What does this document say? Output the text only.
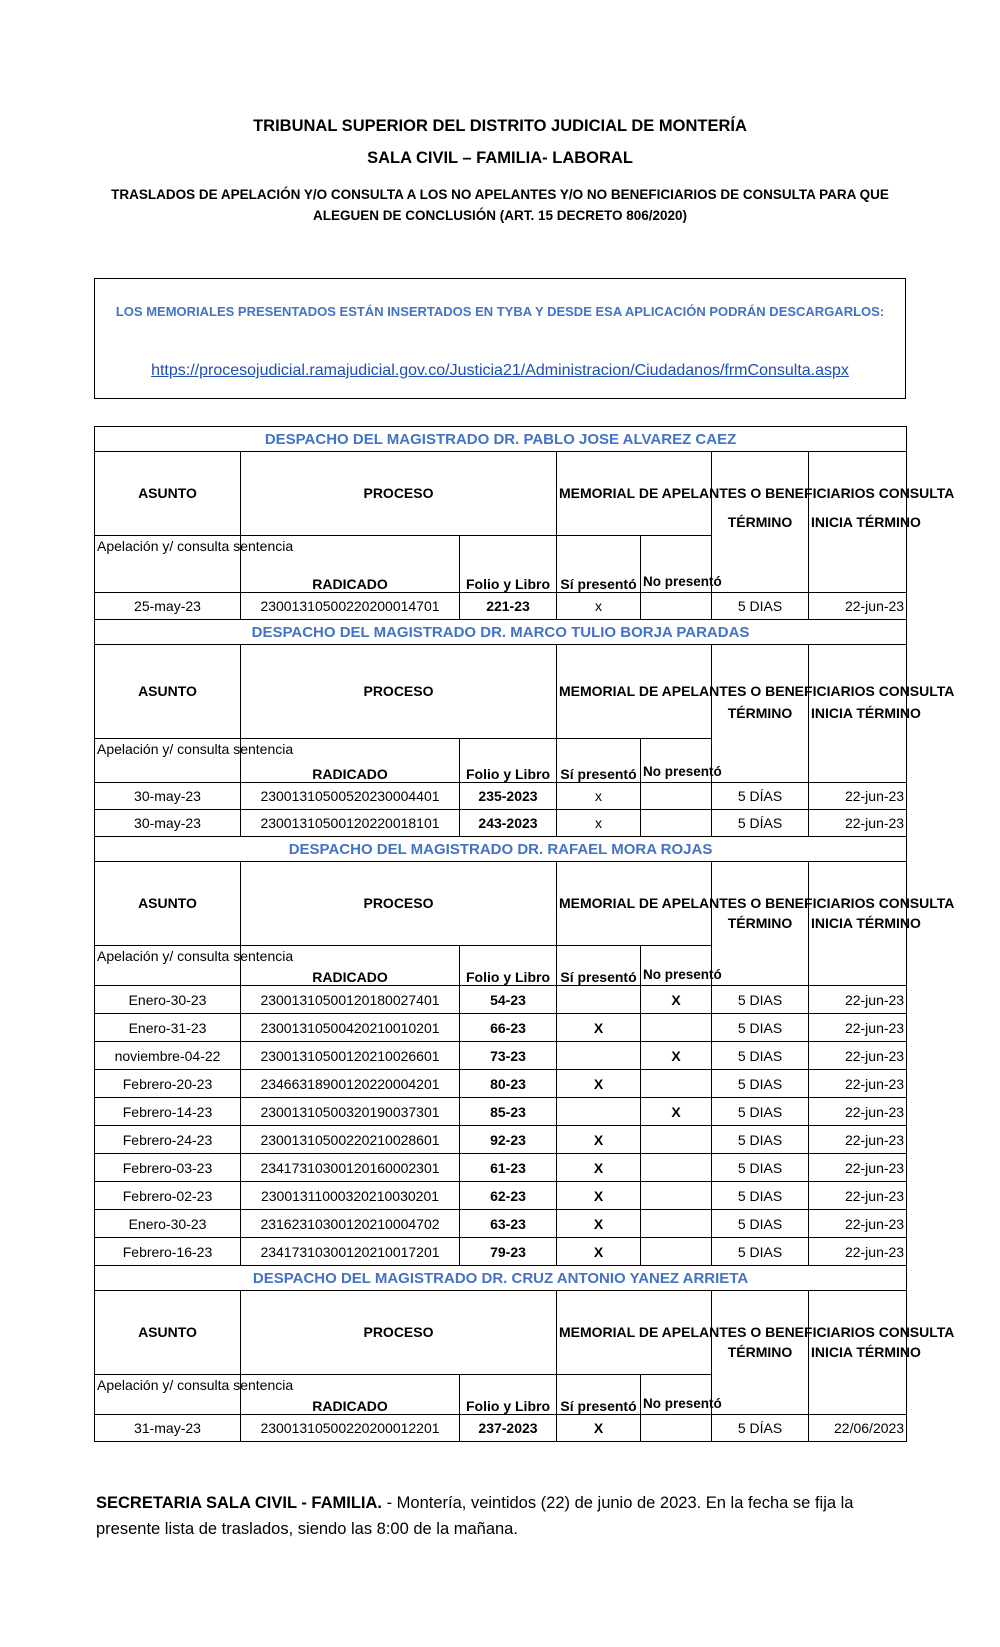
TRIBUNAL SUPERIOR DEL DISTRITO JUDICIAL DE MONTERÍA
SALA CIVIL – FAMILIA- LABORAL
TRASLADOS DE APELACIÓN Y/O CONSULTA A LOS NO APELANTES Y/O NO BENEFICIARIOS DE CONSULTA PARA QUE
ALEGUEN DE CONCLUSIÓN (ART. 15 DECRETO 806/2020)
LOS MEMORIALES PRESENTADOS ESTÁN INSERTADOS EN TYBA Y DESDE ESA APLICACIÓN PODRÁN DESCARGARLOS:
https://procesojudicial.ramajudicial.gov.co/Justicia21/Administracion/Ciudadanos/frmConsulta.aspx
DESPACHO DEL MAGISTRADO DR. PABLO JOSE ALVAREZ CAEZ						
ASUNTO	PROCESO		MEMORIAL DE APELANTES O BENEFICIARIOS CONSULTA		TÉRMINO	INICIA TÉRMINO
Apelación y/ consulta sentencia	RADICADO	Folio y Libro	Sí presentó	No presentó		
25-may-23	23001310500220200014701	221-23	x		5 DIAS	22-jun-23
DESPACHO DEL MAGISTRADO DR. MARCO TULIO BORJA PARADAS						
ASUNTO	PROCESO		MEMORIAL DE APELANTES O BENEFICIARIOS CONSULTA		TÉRMINO	INICIA TÉRMINO
Apelación y/ consulta sentencia	RADICADO	Folio y Libro	Sí presentó	No presentó		
30-may-23	23001310500520230004401	235-2023	x		5 DÍAS	22-jun-23
30-may-23	23001310500120220018101	243-2023	x		5 DÍAS	22-jun-23
DESPACHO DEL MAGISTRADO DR. RAFAEL MORA ROJAS						
ASUNTO	PROCESO		MEMORIAL DE APELANTES O BENEFICIARIOS CONSULTA		TÉRMINO	INICIA TÉRMINO
Apelación y/ consulta sentencia	RADICADO	Folio y Libro	Sí presentó	No presentó		
Enero-30-23	23001310500120180027401	54-23		X	5 DIAS	22-jun-23
Enero-31-23	23001310500420210010201	66-23	X		5 DIAS	22-jun-23
noviembre-04-22	23001310500120210026601	73-23		X	5 DIAS	22-jun-23
Febrero-20-23	23466318900120220004201	80-23	X		5 DIAS	22-jun-23
Febrero-14-23	23001310500320190037301	85-23		X	5 DIAS	22-jun-23
Febrero-24-23	23001310500220210028601	92-23	X		5 DIAS	22-jun-23
Febrero-03-23	23417310300120160002301	61-23	X		5 DIAS	22-jun-23
Febrero-02-23	23001311000320210030201	62-23	X		5 DIAS	22-jun-23
Enero-30-23	23162310300120210004702	63-23	X		5 DIAS	22-jun-23
Febrero-16-23	23417310300120210017201	79-23	X		5 DIAS	22-jun-23
DESPACHO DEL MAGISTRADO DR. CRUZ ANTONIO YANEZ ARRIETA						
ASUNTO	PROCESO		MEMORIAL DE APELANTES O BENEFICIARIOS CONSULTA		TÉRMINO	INICIA TÉRMINO
Apelación y/ consulta sentencia	RADICADO	Folio y Libro	Sí presentó	No presentó		
31-may-23	23001310500220200012201	237-2023	X		5 DÍAS	22/06/2023
SECRETARIA SALA CIVIL - FAMILIA. - Montería, veintidos (22) de junio de 2023. En la fecha se fija la presente lista de traslados, siendo las 8:00 de la mañana.
